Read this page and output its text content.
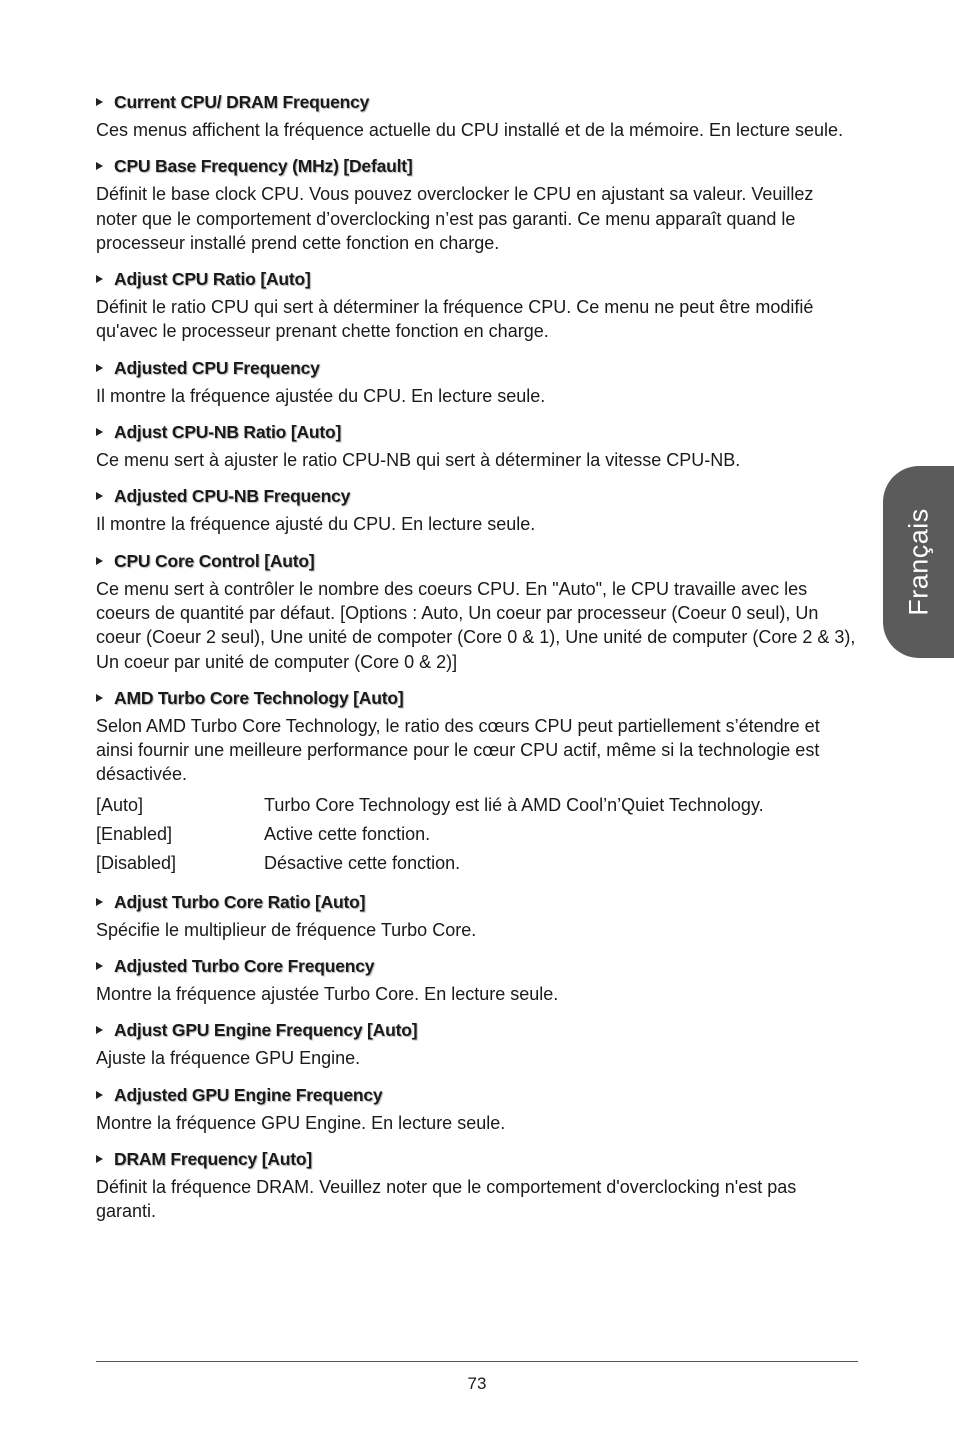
Current CPU/ DRAM Frequency
Ces menus affichent la fréquence actuelle du CPU installé et de la mémoire. En lecture seule.
CPU Base Frequency (MHz) [Default]
Définit le base clock CPU. Vous pouvez overclocker le CPU en ajustant sa valeur. Veuillez noter que le comportement d’overclocking n’est pas garanti. Ce menu apparaît quand le processeur installé prend cette fonction en charge.
Adjust CPU Ratio [Auto]
Définit le ratio CPU qui sert à déterminer la fréquence CPU. Ce menu ne peut être modifié qu'avec le processeur prenant chette fonction en charge.
Adjusted CPU Frequency
Il montre la fréquence ajustée du CPU. En lecture seule.
Adjust CPU-NB Ratio [Auto]
Ce menu sert à ajuster le ratio CPU-NB qui sert à déterminer la vitesse CPU-NB.
Adjusted CPU-NB Frequency
Il montre la fréquence ajusté du CPU. En lecture seule.
CPU Core Control [Auto]
Ce menu sert à contrôler le nombre des coeurs CPU. En "Auto", le CPU travaille avec les coeurs de quantité par défaut. [Options : Auto, Un coeur par processeur (Coeur 0 seul), Un coeur (Coeur 2 seul), Une unité de compoter (Core 0 & 1), Une unité de computer (Core 2 & 3), Un coeur par unité de computer (Core 0 & 2)]
AMD Turbo Core Technology [Auto]
Selon AMD Turbo Core Technology, le ratio des cœurs CPU peut partiellement s’étendre et ainsi fournir une meilleure performance pour le cœur CPU actif, même si la technologie est désactivée.
[Auto]	Turbo Core Technology est lié à AMD Cool’n’Quiet Technology.
[Enabled]	Active cette fonction.
[Disabled]	Désactive cette fonction.
Adjust Turbo Core Ratio [Auto]
Spécifie le multiplieur de fréquence Turbo Core.
Adjusted Turbo Core Frequency
Montre la fréquence ajustée Turbo Core. En lecture seule.
Adjust GPU Engine Frequency [Auto]
Ajuste la fréquence GPU Engine.
Adjusted GPU Engine Frequency
Montre la fréquence GPU Engine. En lecture seule.
DRAM Frequency [Auto]
Définit la fréquence DRAM. Veuillez noter que le comportement d'overclocking n'est pas garanti.
Français
73
